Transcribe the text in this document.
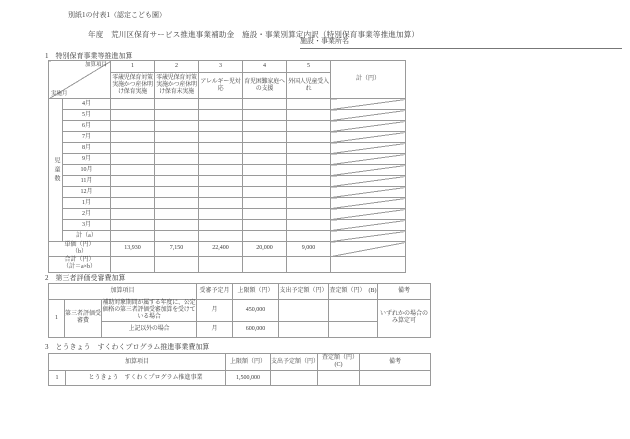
別紙1の付表1（認定こども園）
年度　荒川区保育サービス推進事業補助金　施設・事業別算定内訳（特別保育事業等推進加算）
施設・事業所名
1　特別保育事業等推進加算
加算項目
実施月		1	2	3	4	5	計（円）
		零歳児保育対策実施かつ産休明け保育実施	零歳児保育対策実施かつ産休明け保育未実施	アレルギー児対応	育児困難家庭への支援	外国人児童受入れ	

児童数	4月						
	5月						
	6月						
	7月						
	8月						
	9月						
	10月						
	11月						
	12月						
	1月						
	2月						
	3月						
	計（a）						

単価（円）
（b）		13,930	7,150	22,400	20,000	9,000	

合計（円）
（計＝a×b）							

2　第三者評価受審費加算
加算項目			受審予定月	上限額（円）	支出予定額（円）	査定額（円）　(B)	備考
1	第三者評価受審費	補助対象期間が属する年度に、公定価格の第三者評価受審加算を受けている場合	月	450,000			いずれかの場合のみ算定可
		上記以外の場合	月	600,000			
3　とうきょう　すくわくプログラム推進事業費加算
加算項目		上限額（円）	支出予定額（円）	査定額（円）　(C)	備考
1	とうきょう　すくわくプログラム推進事業	1,500,000			
